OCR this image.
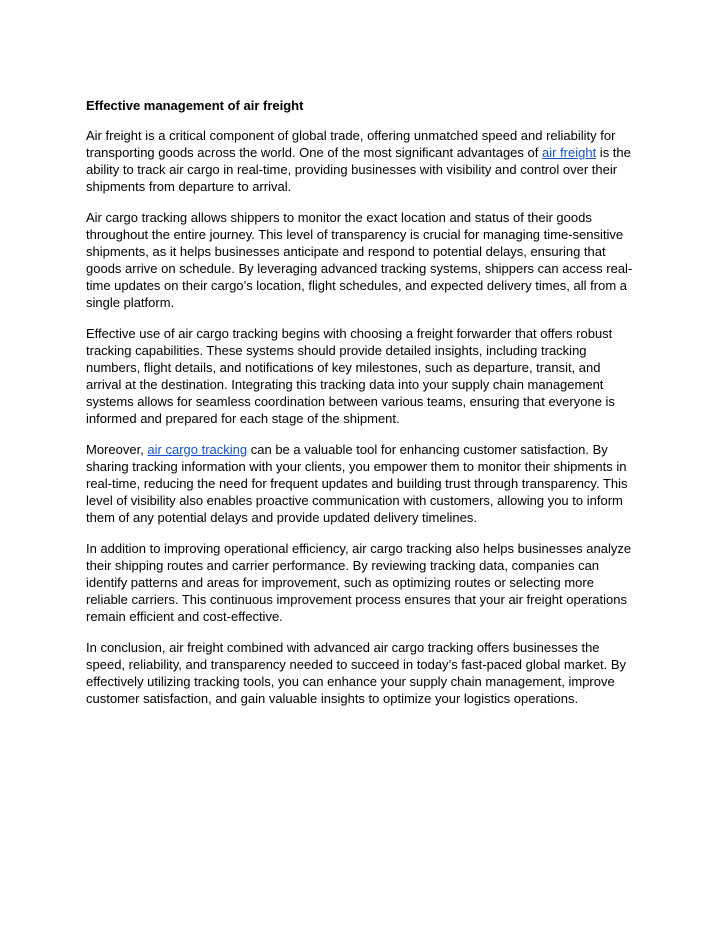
Effective management of air freight

Air freight is a critical component of global trade, offering unmatched speed and reliability for transporting goods across the world. One of the most significant advantages of air freight is the ability to track air cargo in real-time, providing businesses with visibility and control over their shipments from departure to arrival.

Air cargo tracking allows shippers to monitor the exact location and status of their goods throughout the entire journey. This level of transparency is crucial for managing time-sensitive shipments, as it helps businesses anticipate and respond to potential delays, ensuring that goods arrive on schedule. By leveraging advanced tracking systems, shippers can access real-time updates on their cargo’s location, flight schedules, and expected delivery times, all from a single platform.

Effective use of air cargo tracking begins with choosing a freight forwarder that offers robust tracking capabilities. These systems should provide detailed insights, including tracking numbers, flight details, and notifications of key milestones, such as departure, transit, and arrival at the destination. Integrating this tracking data into your supply chain management systems allows for seamless coordination between various teams, ensuring that everyone is informed and prepared for each stage of the shipment.

Moreover, air cargo tracking can be a valuable tool for enhancing customer satisfaction. By sharing tracking information with your clients, you empower them to monitor their shipments in real-time, reducing the need for frequent updates and building trust through transparency. This level of visibility also enables proactive communication with customers, allowing you to inform them of any potential delays and provide updated delivery timelines.

In addition to improving operational efficiency, air cargo tracking also helps businesses analyze their shipping routes and carrier performance. By reviewing tracking data, companies can identify patterns and areas for improvement, such as optimizing routes or selecting more reliable carriers. This continuous improvement process ensures that your air freight operations remain efficient and cost-effective.

In conclusion, air freight combined with advanced air cargo tracking offers businesses the speed, reliability, and transparency needed to succeed in today’s fast-paced global market. By effectively utilizing tracking tools, you can enhance your supply chain management, improve customer satisfaction, and gain valuable insights to optimize your logistics operations.
